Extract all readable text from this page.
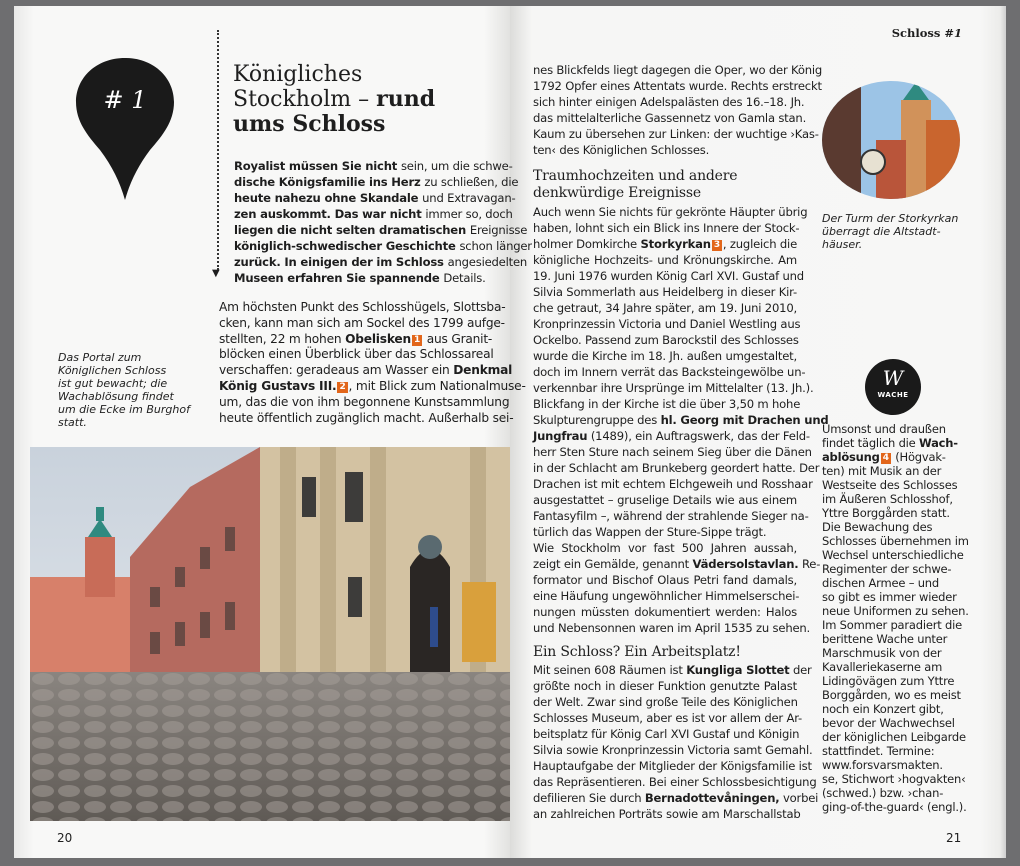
# 1
▼
Königliches
Stockholm – rund
ums Schloss
Royalist müssen Sie nicht sein, um die schwe-
dische Königsfamilie ins Herz zu schließen, die
heute nahezu ohne Skandale und Extravagan-
zen auskommt. Das war nicht immer so, doch
liegen die nicht selten dramatischen Ereignisse
königlich-schwedischer Geschichte schon länger
zurück. In einigen der im Schloss angesiedelten
Museen erfahren Sie spannende Details.
Am höchsten Punkt des Schlosshügels, Slottsba-
cken, kann man sich am Sockel des 1799 aufge-
stellten, 22 m hohen Obelisken 1 aus Granit-
blöcken einen Überblick über das Schlossareal
verschaffen: geradeaus am Wasser ein Denkmal
König Gustavs III. 2 , mit Blick zum Nationalmuse-
um, das die von ihm begonnene Kunstsammlung
heute öffentlich zugänglich macht. Außerhalb sei-
Das Portal zum
Königlichen Schloss
ist gut bewacht; die
Wachablösung findet
um die Ecke im Burghof
statt.
20
Schloss #1
nes Blickfelds liegt dagegen die Oper, wo der König
1792 Opfer eines Attentats wurde. Rechts erstreckt
sich hinter einigen Adelspalästen des 16.–18. Jh.
das mittelalterliche Gassennetz von Gamla stan.
Kaum zu übersehen zur Linken: der wuchtige ›Kas-
ten‹ des Königlichen Schlosses.
Traumhochzeiten und andere
denkwürdige Ereignisse
Auch wenn Sie nichts für gekrönte Häupter übrig
haben, lohnt sich ein Blick ins Innere der Stock-
holmer Domkirche Storkyrkan 3 , zugleich die
königliche Hochzeits- und Krönungskirche. Am
19. Juni 1976 wurden König Carl XVI. Gustaf und
Silvia Sommerlath aus Heidelberg in dieser Kir-
che getraut, 34 Jahre später, am 19. Juni 2010,
Kronprinzessin Victoria und Daniel Westling aus
Ockelbo. Passend zum Barockstil des Schlosses
wurde die Kirche im 18. Jh. außen umgestaltet,
doch im Innern verrät das Backsteingewölbe un-
verkennbar ihre Ursprünge im Mittelalter (13. Jh.).
Blickfang in der Kirche ist die über 3,50 m hohe
Skulpturengruppe des hl. Georg mit Drachen und
Jungfrau (1489), ein Auftragswerk, das der Feld-
herr Sten Sture nach seinem Sieg über die Dänen
in der Schlacht am Brunkeberg geordert hatte. Der
Drachen ist mit echtem Elchgeweih und Rosshaar
ausgestattet – gruselige Details wie aus einem
Fantasyfilm –, während der strahlende Sieger na-
türlich das Wappen der Sture-Sippe trägt.
Wie Stockholm vor fast 500 Jahren aussah,
zeigt ein Gemälde, genannt Vädersolstavlan. Re-
formator und Bischof Olaus Petri fand damals,
eine Häufung ungewöhnlicher Himmelserschei-
nungen müssten dokumentiert werden: Halos
und Nebensonnen waren im April 1535 zu sehen.
Ein Schloss? Ein Arbeitsplatz!
Mit seinen 608 Räumen ist Kungliga Slottet der
größte noch in dieser Funktion genutzte Palast
der Welt. Zwar sind große Teile des Königlichen
Schlosses Museum, aber es ist vor allem der Ar-
beitsplatz für König Carl XVI Gustaf und Königin
Silvia sowie Kronprinzessin Victoria samt Gemahl.
Hauptaufgabe der Mitglieder der Königsfamilie ist
das Repräsentieren. Bei einer Schlossbesichtigung
defilieren Sie durch Bernadottevåningen, vorbei
an zahlreichen Porträts sowie am Marschallstab
Der Turm der Storkyrkan
überragt die Altstadt-
häuser.
W
WACHE
Umsonst und draußen
findet täglich die Wach-
ablösung 4 (Högvak-
ten) mit Musik an der
Westseite des Schlosses
im Äußeren Schlosshof,
Yttre Borggården statt.
Die Bewachung des
Schlosses übernehmen im
Wechsel unterschiedliche
Regimenter der schwe-
dischen Armee – und
so gibt es immer wieder
neue Uniformen zu sehen.
Im Sommer paradiert die
berittene Wache unter
Marschmusik von der
Kavalleriekaserne am
Lidingövägen zum Yttre
Borggården, wo es meist
noch ein Konzert gibt,
bevor der Wachwechsel
der königlichen Leibgarde
stattfindet. Termine:
www.forsvarsmakten.
se, Stichwort ›hogvakten‹
(schwed.) bzw. ›chan-
ging-of-the-guard‹ (engl.).
21
